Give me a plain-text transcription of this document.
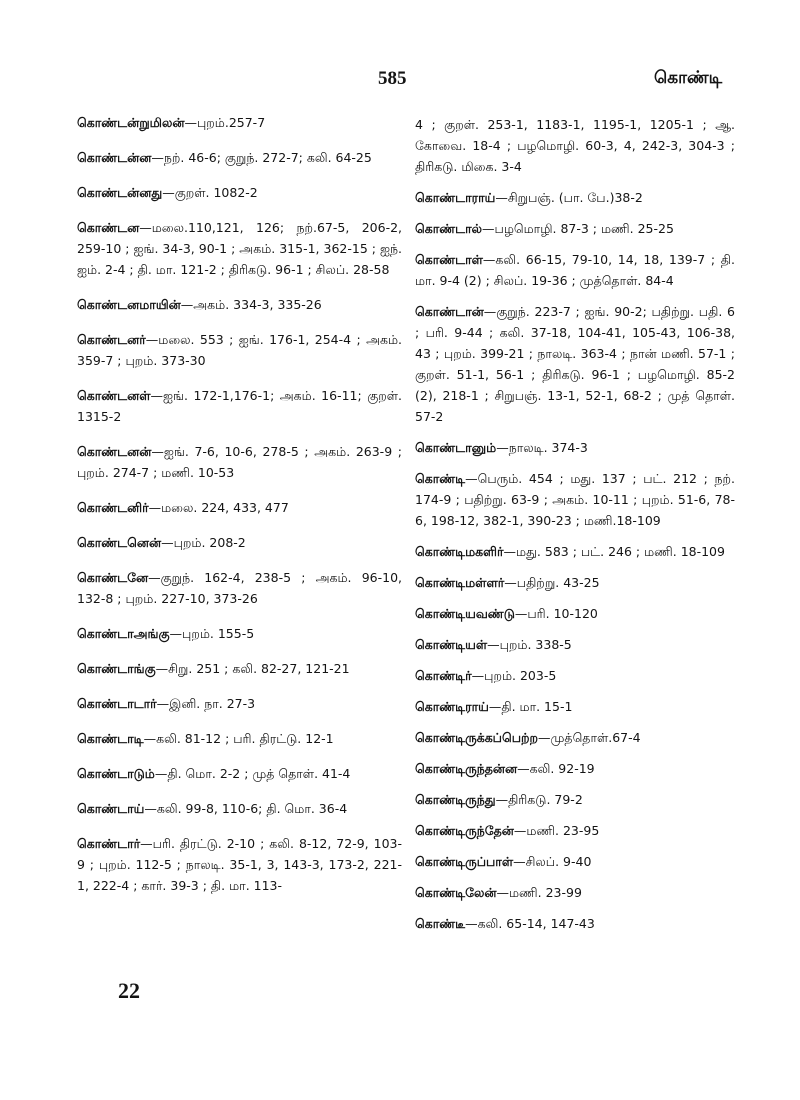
585	கொண்டி
கொண்டன்றுமிலன்—புறம்.257-7
கொண்டன்ன—நற். 46-6; குறுந். 272-7; கலி. 64-25
கொண்டன்னது—குறள். 1082-2
கொண்டன—மலை.110,121, 126; நற்.67-5, 206-2, 259-10 ; ஐங். 34-3, 90-1 ; அகம். 315-1, 362-15 ; ஐந். ஐம். 2-4 ; தி. மா. 121-2 ; திரிகடு. 96-1 ; சிலப். 28-58
கொண்டனமாயின்—அகம். 334-3, 335-26
கொண்டனர்—மலை. 553 ; ஐங். 176-1, 254-4 ; அகம். 359-7 ; புறம். 373-30
கொண்டனள்—ஐங். 172-1,176-1; அகம். 16-11; குறள். 1315-2
கொண்டனன்—ஐங். 7-6, 10-6, 278-5 ; அகம். 263-9 ; புறம். 274-7 ; மணி. 10-53
கொண்டனிர்—மலை. 224, 433, 477
கொண்டனென்—புறம். 208-2
கொண்டனே—குறுந். 162-4, 238-5 ; அகம். 96-10, 132-8 ; புறம். 227-10, 373-26
கொண்டாஅங்கு—புறம். 155-5
கொண்டாங்கு—சிறு. 251 ; கலி. 82-27, 121-21
கொண்டாடார்—இனி. நா. 27-3
கொண்டாடி—கலி. 81-12 ; பரி. திரட்டு. 12-1
கொண்டாடும்—தி. மொ. 2-2 ; முத் தொள். 41-4
கொண்டாய்—கலி. 99-8, 110-6; தி. மொ. 36-4
கொண்டார்—பரி. திரட்டு. 2-10 ; கலி. 8-12, 72-9, 103-9 ; புறம். 112-5 ; நாலடி. 35-1, 3, 143-3, 173-2, 221-1, 222-4 ; கார். 39-3 ; தி. மா. 113-
4 ; குறள். 253-1, 1183-1, 1195-1, 1205-1 ; ஆ. கோவை. 18-4 ; பழமொழி. 60-3, 4, 242-3, 304-3 ; திரிகடு. மிகை. 3-4
கொண்டாராய்—சிறுபஞ். (பா. பே.)38-2
கொண்டால்—பழமொழி. 87-3 ; மணி. 25-25
கொண்டாள்—கலி. 66-15, 79-10, 14, 18, 139-7 ; தி. மா. 9-4 (2) ; சிலப். 19-36 ; முத்தொள். 84-4
கொண்டான்—குறுந். 223-7 ; ஐங். 90-2; பதிற்று. பதி. 6 ; பரி. 9-44 ; கலி. 37-18, 104-41, 105-43, 106-38, 43 ; புறம். 399-21 ; நாலடி. 363-4 ; நான் மணி. 57-1 ; குறள். 51-1, 56-1 ; திரிகடு. 96-1 ; பழமொழி. 85-2 (2), 218-1 ; சிறுபஞ். 13-1, 52-1, 68-2 ; முத் தொள். 57-2
கொண்டானும்—நாலடி. 374-3
கொண்டி—பெரும். 454 ; மது. 137 ; பட். 212 ; நற். 174-9 ; பதிற்று. 63-9 ; அகம். 10-11 ; புறம். 51-6, 78-6, 198-12, 382-1, 390-23 ; மணி.18-109
கொண்டிமகளிர்—மது. 583 ; பட். 246 ; மணி. 18-109
கொண்டிமள்ளர்—பதிற்று. 43-25
கொண்டியவண்டு—பரி. 10-120
கொண்டியள்—புறம். 338-5
கொண்டிர்—புறம். 203-5
கொண்டிராய்—தி. மா. 15-1
கொண்டிருக்கப்பெற்ற—முத்தொள்.67-4
கொண்டிருந்தன்ன—கலி. 92-19
கொண்டிருந்து—திரிகடு. 79-2
கொண்டிருந்தேன்—மணி. 23-95
கொண்டிருப்பாள்—சிலப். 9-40
கொண்டிலேன்—மணி. 23-99
கொண்டீ—கலி. 65-14, 147-43
22
